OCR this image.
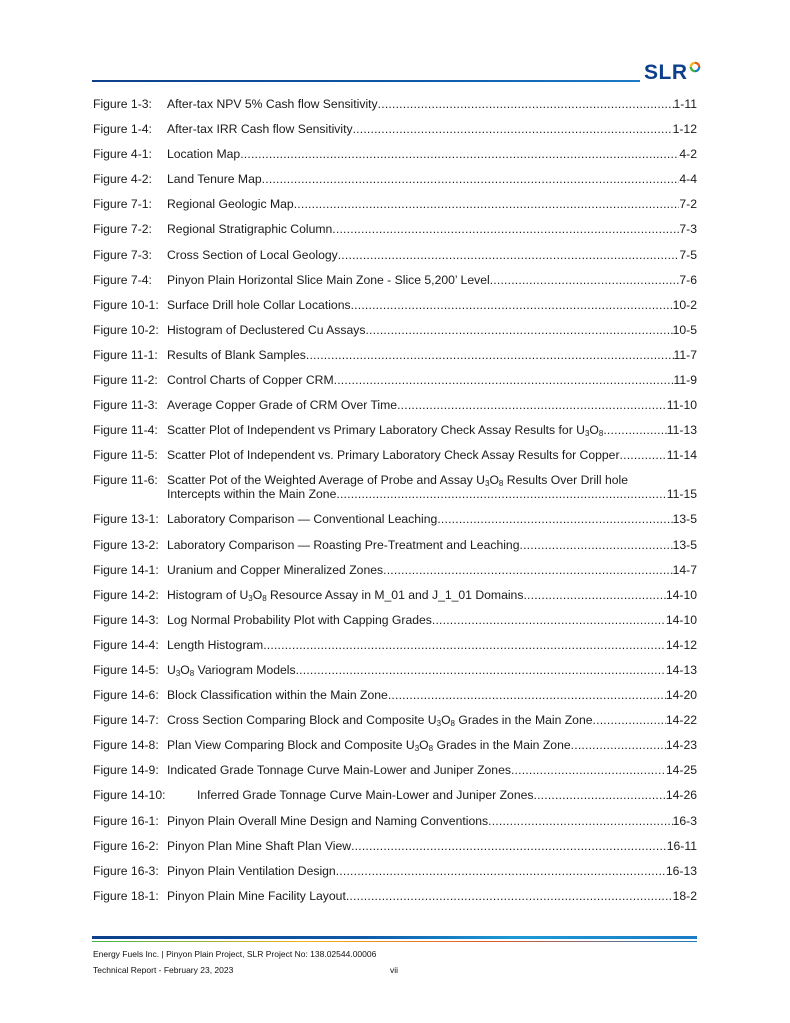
SLR
Figure 1-3: After-tax NPV 5% Cash flow Sensitivity .....	1-11
Figure 1-4: After-tax IRR Cash flow Sensitivity .....	1-12
Figure 4-1: Location Map .....	4-2
Figure 4-2: Land Tenure Map .....	4-4
Figure 7-1: Regional Geologic Map .....	7-2
Figure 7-2: Regional Stratigraphic Column .....	7-3
Figure 7-3: Cross Section of Local Geology .....	7-5
Figure 7-4: Pinyon Plain Horizontal Slice Main Zone - Slice 5,200’ Level .....	7-6
Figure 10-1: Surface Drill hole Collar Locations .....	10-2
Figure 10-2: Histogram of Declustered Cu Assays .....	10-5
Figure 11-1: Results of Blank Samples .....	11-7
Figure 11-2: Control Charts of Copper CRM .....	11-9
Figure 11-3: Average Copper Grade of CRM Over Time .....	11-10
Figure 11-4: Scatter Plot of Independent vs Primary Laboratory Check Assay Results for $U_3O_8$ .....	11-13
Figure 11-5: Scatter Plot of Independent vs. Primary Laboratory Check Assay Results for Copper .....	11-14
Figure 11-6: Scatter Pot of the Weighted Average of Probe and Assay $U_3O_8$ Results Over Drill hole
Intercepts within the Main Zone .....	11-15
Figure 13-1: Laboratory Comparison — Conventional Leaching .....	13-5
Figure 13-2: Laboratory Comparison — Roasting Pre-Treatment and Leaching .....	13-5
Figure 14-1: Uranium and Copper Mineralized Zones .....	14-7
Figure 14-2: Histogram of $U_3O_8$ Resource Assay in M_01 and J_1_01 Domains .....	14-10
Figure 14-3: Log Normal Probability Plot with Capping Grades .....	14-10
Figure 14-4: Length Histogram .....	14-12
Figure 14-5: $U_3O_8$ Variogram Models .....	14-13
Figure 14-6: Block Classification within the Main Zone .....	14-20
Figure 14-7: Cross Section Comparing Block and Composite $U_3O_8$ Grades in the Main Zone .....	14-22
Figure 14-8: Plan View Comparing Block and Composite $U_3O_8$ Grades in the Main Zone .....	14-23
Figure 14-9: Indicated Grade Tonnage Curve Main-Lower and Juniper Zones .....	14-25
Figure 14-10:	Inferred Grade Tonnage Curve Main-Lower and Juniper Zones .....	14-26
Figure 16-1: Pinyon Plain Overall Mine Design and Naming Conventions .....	16-3
Figure 16-2: Pinyon Plan Mine Shaft Plan View .....	16-11
Figure 16-3: Pinyon Plain Ventilation Design .....	16-13
Figure 18-1: Pinyon Plain Mine Facility Layout .....	18-2
Energy Fuels Inc. | Pinyon Plain Project, SLR Project No: 138.02544.00006
Technical Report - February 23, 2023	vii
